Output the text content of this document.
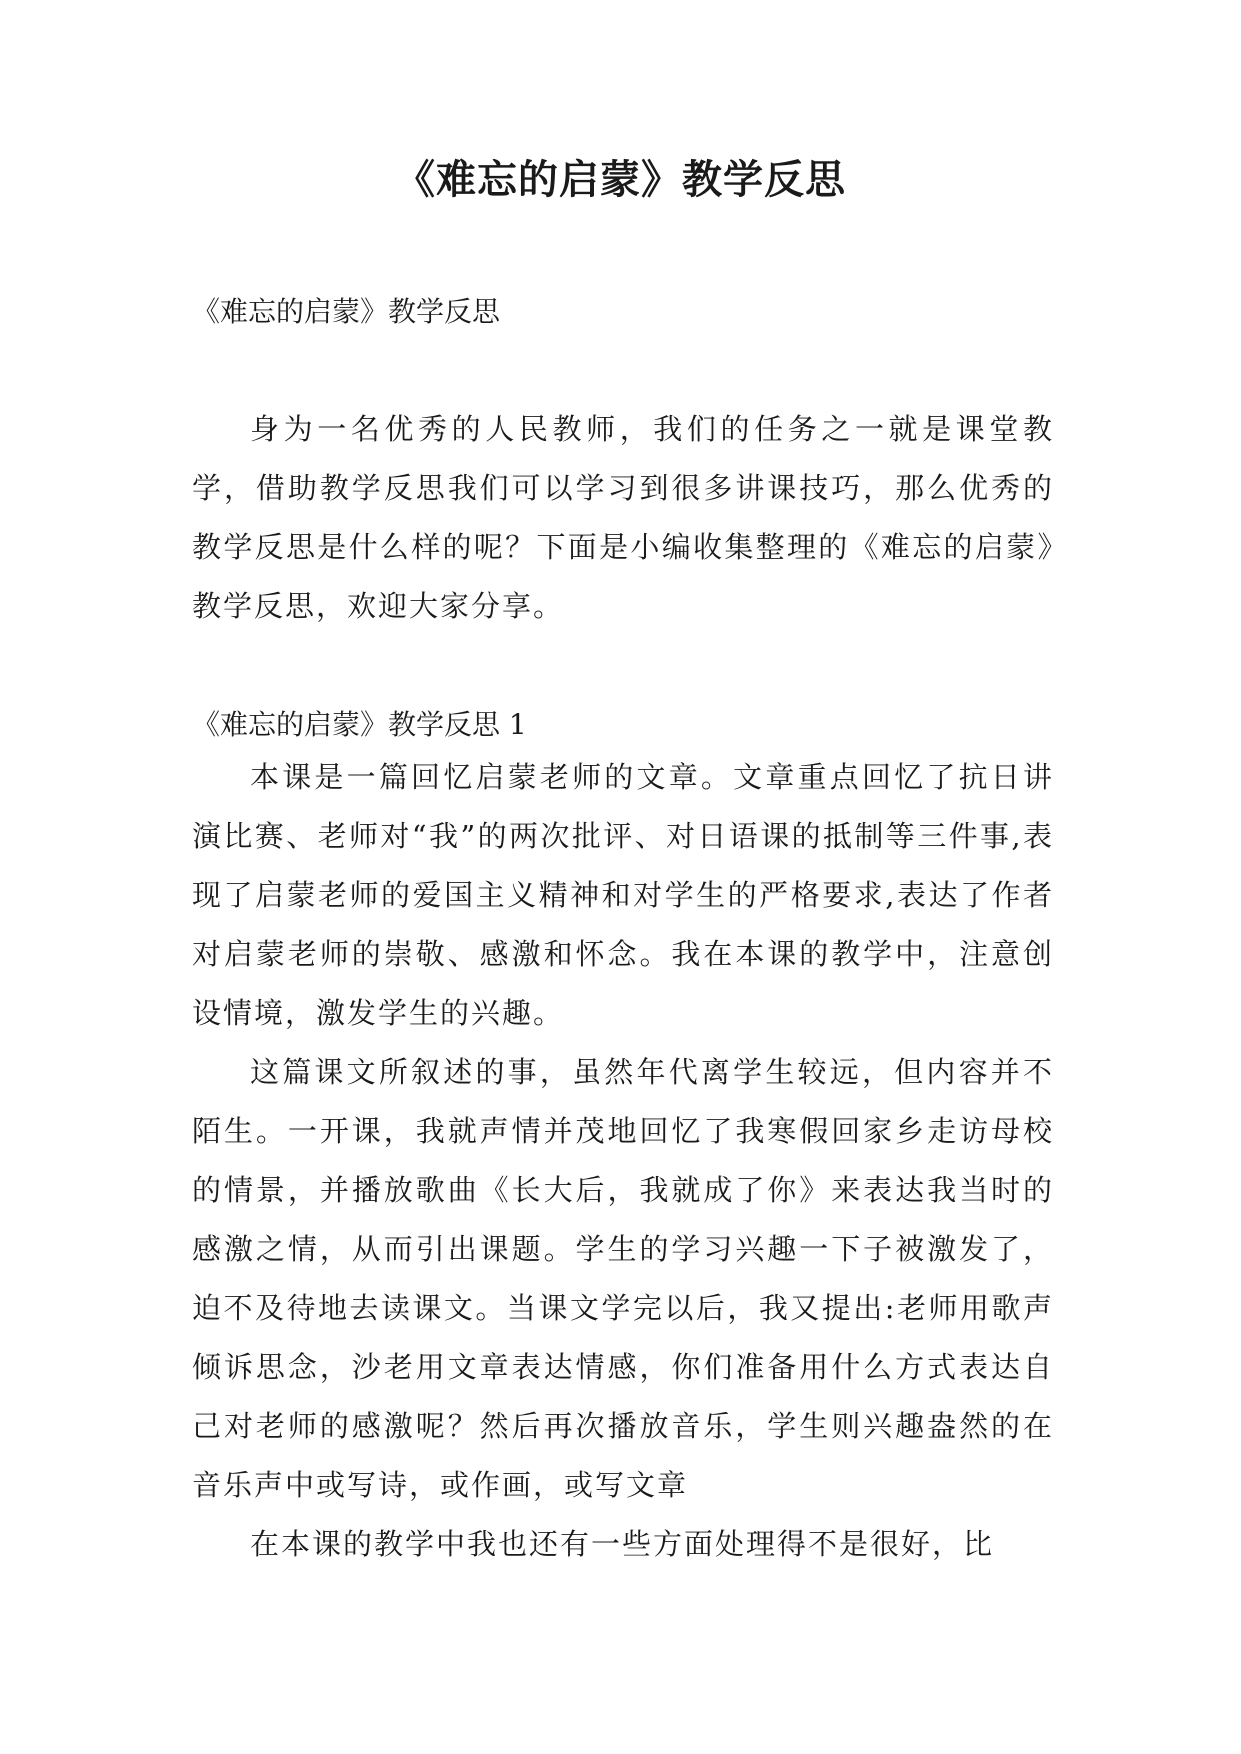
《难忘的启蒙》教学反思

《难忘的启蒙》教学反思

身为一名优秀的人民教师，我们的任务之一就是课堂教学，借助教学反思我们可以学习到很多讲课技巧，那么优秀的教学反思是什么样的呢？下面是小编收集整理的《难忘的启蒙》教学反思，欢迎大家分享。

《难忘的启蒙》教学反思 1

本课是一篇回忆启蒙老师的文章。文章重点回忆了抗日讲演比赛、老师对“我”的两次批评、对日语课的抵制等三件事,表现了启蒙老师的爱国主义精神和对学生的严格要求,表达了作者对启蒙老师的崇敬、感激和怀念。我在本课的教学中，注意创设情境，激发学生的兴趣。

这篇课文所叙述的事，虽然年代离学生较远，但内容并不陌生。一开课，我就声情并茂地回忆了我寒假回家乡走访母校的情景，并播放歌曲《长大后，我就成了你》来表达我当时的感激之情，从而引出课题。学生的学习兴趣一下子被激发了，迫不及待地去读课文。当课文学完以后，我又提出:老师用歌声倾诉思念，沙老用文章表达情感，你们准备用什么方式表达自己对老师的感激呢？然后再次播放音乐，学生则兴趣盎然的在音乐声中或写诗，或作画，或写文章

在本课的教学中我也还有一些方面处理得不是很好，比
